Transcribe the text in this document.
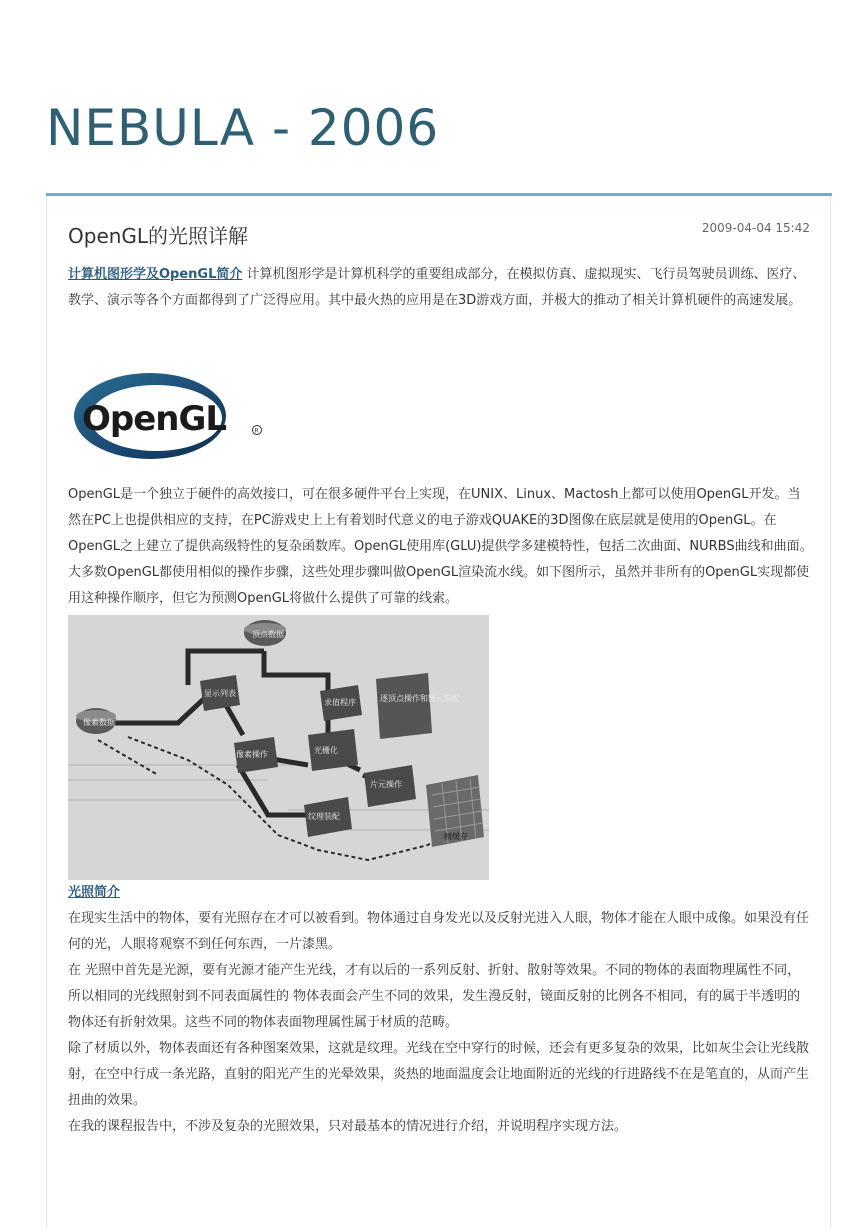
NEBULA - 2006
OpenGL的光照详解	2009-04-04 15:42

计算机图形学及OpenGL简介 计算机图形学是计算机科学的重要组成部分，在模拟仿真、虚拟现实、飞行员驾驶员训练、医疗、教学、演示等各个方面都得到了广泛得应用。其中最火热的应用是在3D游戏方面，并极大的推动了相关计算机硬件的高速发展。

OpenGL	R

OpenGL是一个独立于硬件的高效接口，可在很多硬件平台上实现，在UNIX、Linux、Mactosh上都可以使用OpenGL开发。当然在PC上也提供相应的支持，在PC游戏史上上有着划时代意义的电子游戏QUAKE的3D图像在底层就是使用的OpenGL。在OpenGL之上建立了提供高级特性的复杂函数库。OpenGL使用库(GLU)提供学多建模特性，包括二次曲面、NURBS曲线和曲面。

大多数OpenGL都使用相似的操作步骤，这些处理步骤叫做OpenGL渲染流水线。如下图所示，虽然并非所有的OpenGL实现都使用这种操作顺序，但它为预测OpenGL将做什么提供了可靠的线索。

顶点数据
像素数据
显示列表
求值程序	逐顶点操作和图元装配
像素操作	光栅化
片元操作
纹理装配
帧缓存

光照简介

在现实生活中的物体，要有光照存在才可以被看到。物体通过自身发光以及反射光进入人眼，物体才能在人眼中成像。如果没有任何的光，人眼将观察不到任何东西，一片漆黑。

在 光照中首先是光源，要有光源才能产生光线，才有以后的一系列反射、折射、散射等效果。不同的物体的表面物理属性不同，所以相同的光线照射到不同表面属性的 物体表面会产生不同的效果，发生漫反射，镜面反射的比例各不相同，有的属于半透明的物体还有折射效果。这些不同的物体表面物理属性属于材质的范畴。

除了材质以外，物体表面还有各种图案效果，这就是纹理。光线在空中穿行的时候，还会有更多复杂的效果，比如灰尘会让光线散射，在空中行成一条光路，直射的阳光产生的光晕效果，炎热的地面温度会让地面附近的光线的行进路线不在是笔直的，从而产生扭曲的效果。

在我的课程报告中，不涉及复杂的光照效果，只对最基本的情况进行介绍，并说明程序实现方法。
